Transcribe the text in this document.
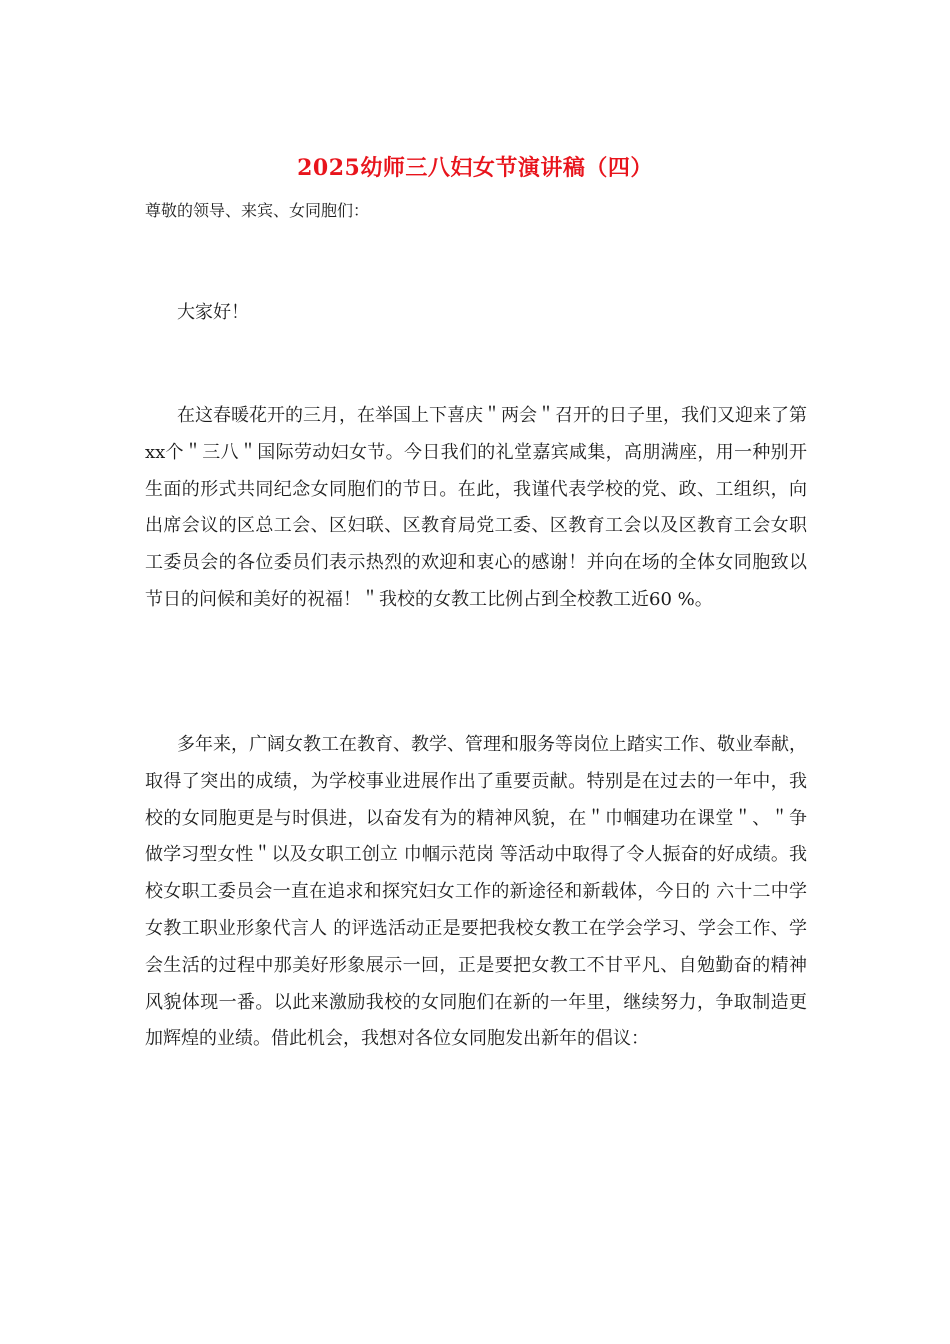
2025幼师三八妇女节演讲稿（四）

尊敬的领导、来宾、女同胞们：

大家好！

在这春暖花开的三月，在举国上下喜庆＂两会＂召开的日子里，我们又迎来了第xx个＂三八＂国际劳动妇女节。今日我们的礼堂嘉宾咸集，高朋满座，用一种别开生面的形式共同纪念女同胞们的节日。在此，我谨代表学校的党、政、工组织，向出席会议的区总工会、区妇联、区教育局党工委、区教育工会以及区教育工会女职工委员会的各位委员们表示热烈的欢迎和衷心的感谢！并向在场的全体女同胞致以节日的问候和美好的祝福！＂我校的女教工比例占到全校教工近60 %。

多年来，广阔女教工在教育、教学、管理和服务等岗位上踏实工作、敬业奉献，取得了突出的成绩，为学校事业进展作出了重要贡献。特别是在过去的一年中，我校的女同胞更是与时俱进，以奋发有为的精神风貌，在＂巾帼建功在课堂＂、＂争做学习型女性＂以及女职工创立 巾帼示范岗 等活动中取得了令人振奋的好成绩。我校女职工委员会一直在追求和探究妇女工作的新途径和新载体，今日的 六十二中学女教工职业形象代言人 的评选活动正是要把我校女教工在学会学习、学会工作、学会生活的过程中那美好形象展示一回，正是要把女教工不甘平凡、自勉勤奋的精神风貌体现一番。以此来激励我校的女同胞们在新的一年里，继续努力，争取制造更加辉煌的业绩。借此机会，我想对各位女同胞发出新年的倡议：
